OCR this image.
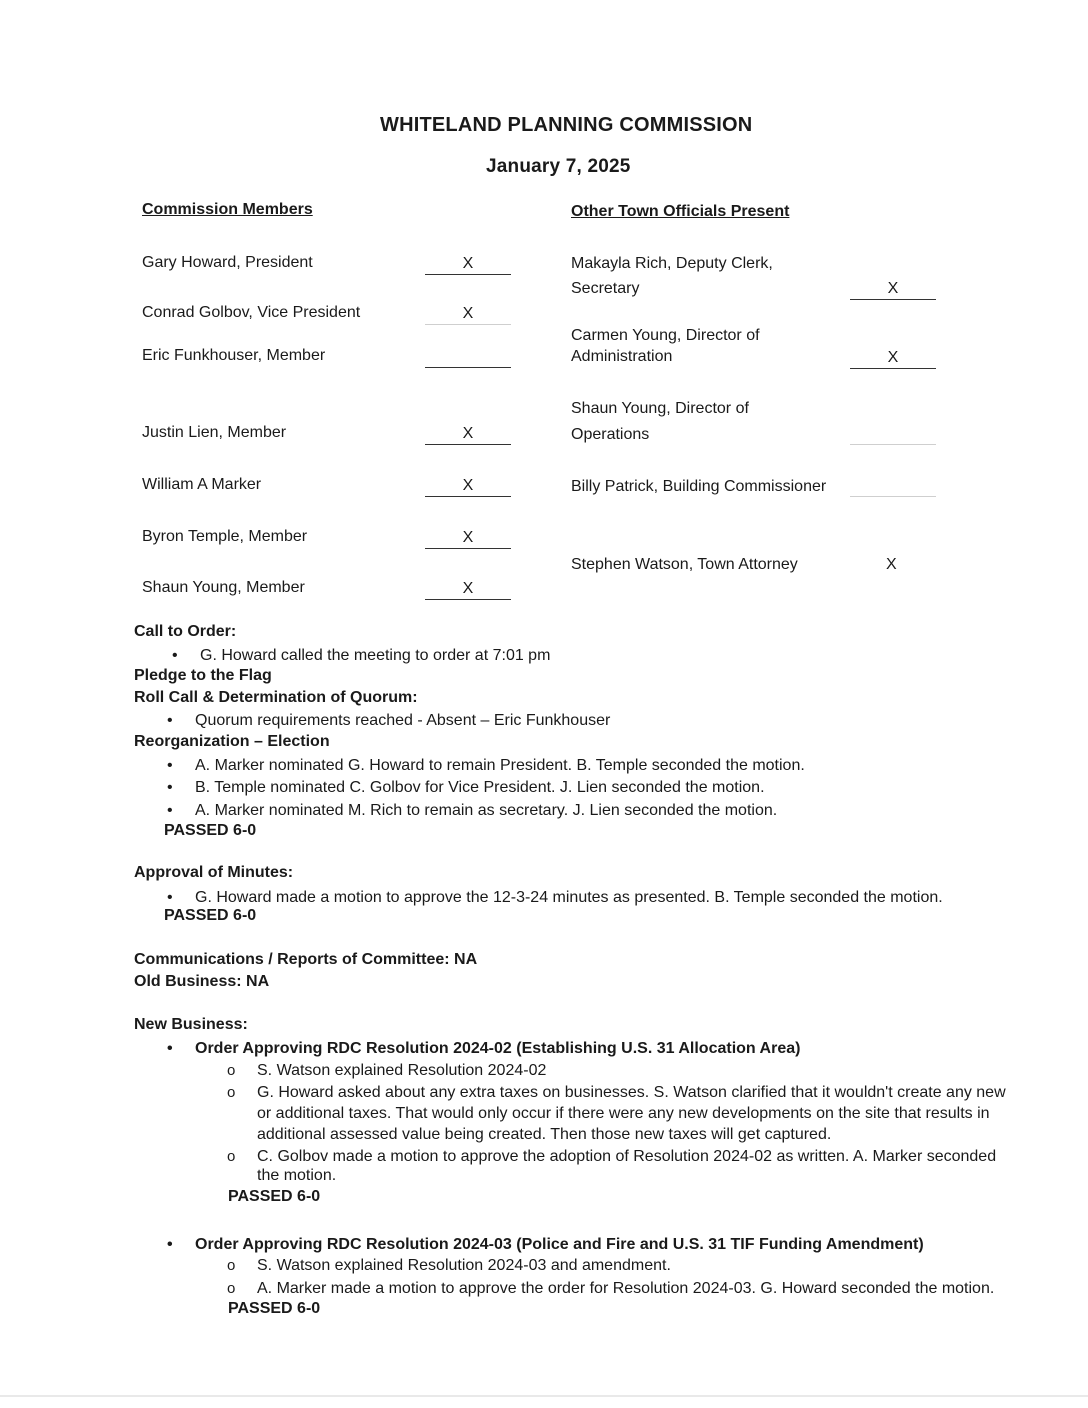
WHITELAND PLANNING COMMISSION
January 7, 2025
Commission Members
Gary Howard, President	X
Conrad Golbov, Vice President	X
Eric Funkhouser, Member
Justin Lien, Member	X
William A Marker	X
Byron Temple, Member	X
Shaun Young, Member	X
Other Town Officials Present
Makayla Rich, Deputy Clerk,
Secretary	X
Carmen Young, Director of
Administration	X
Shaun Young, Director of
Operations
Billy Patrick, Building Commissioner
Stephen Watson, Town Attorney	X
Call to Order:
• G. Howard called the meeting to order at 7:01 pm
Pledge to the Flag
Roll Call & Determination of Quorum:
• Quorum requirements reached - Absent – Eric Funkhouser
Reorganization – Election
• A. Marker nominated G. Howard to remain President. B. Temple seconded the motion.
• B. Temple nominated C. Golbov for Vice President. J. Lien seconded the motion.
• A. Marker nominated M. Rich to remain as secretary. J. Lien seconded the motion.
PASSED 6-0
Approval of Minutes:
• G. Howard made a motion to approve the 12-3-24 minutes as presented. B. Temple seconded the motion.
PASSED 6-0
Communications / Reports of Committee: NA
Old Business: NA
New Business:
• Order Approving RDC Resolution 2024-02 (Establishing U.S. 31 Allocation Area)
o S. Watson explained Resolution 2024-02
o G. Howard asked about any extra taxes on businesses. S. Watson clarified that it wouldn't create any new
or additional taxes. That would only occur if there were any new developments on the site that results in
additional assessed value being created. Then those new taxes will get captured.
o C. Golbov made a motion to approve the adoption of Resolution 2024-02 as written. A. Marker seconded
the motion.
PASSED 6-0
• Order Approving RDC Resolution 2024-03 (Police and Fire and U.S. 31 TIF Funding Amendment)
o S. Watson explained Resolution 2024-03 and amendment.
o A. Marker made a motion to approve the order for Resolution 2024-03. G. Howard seconded the motion.
PASSED 6-0
